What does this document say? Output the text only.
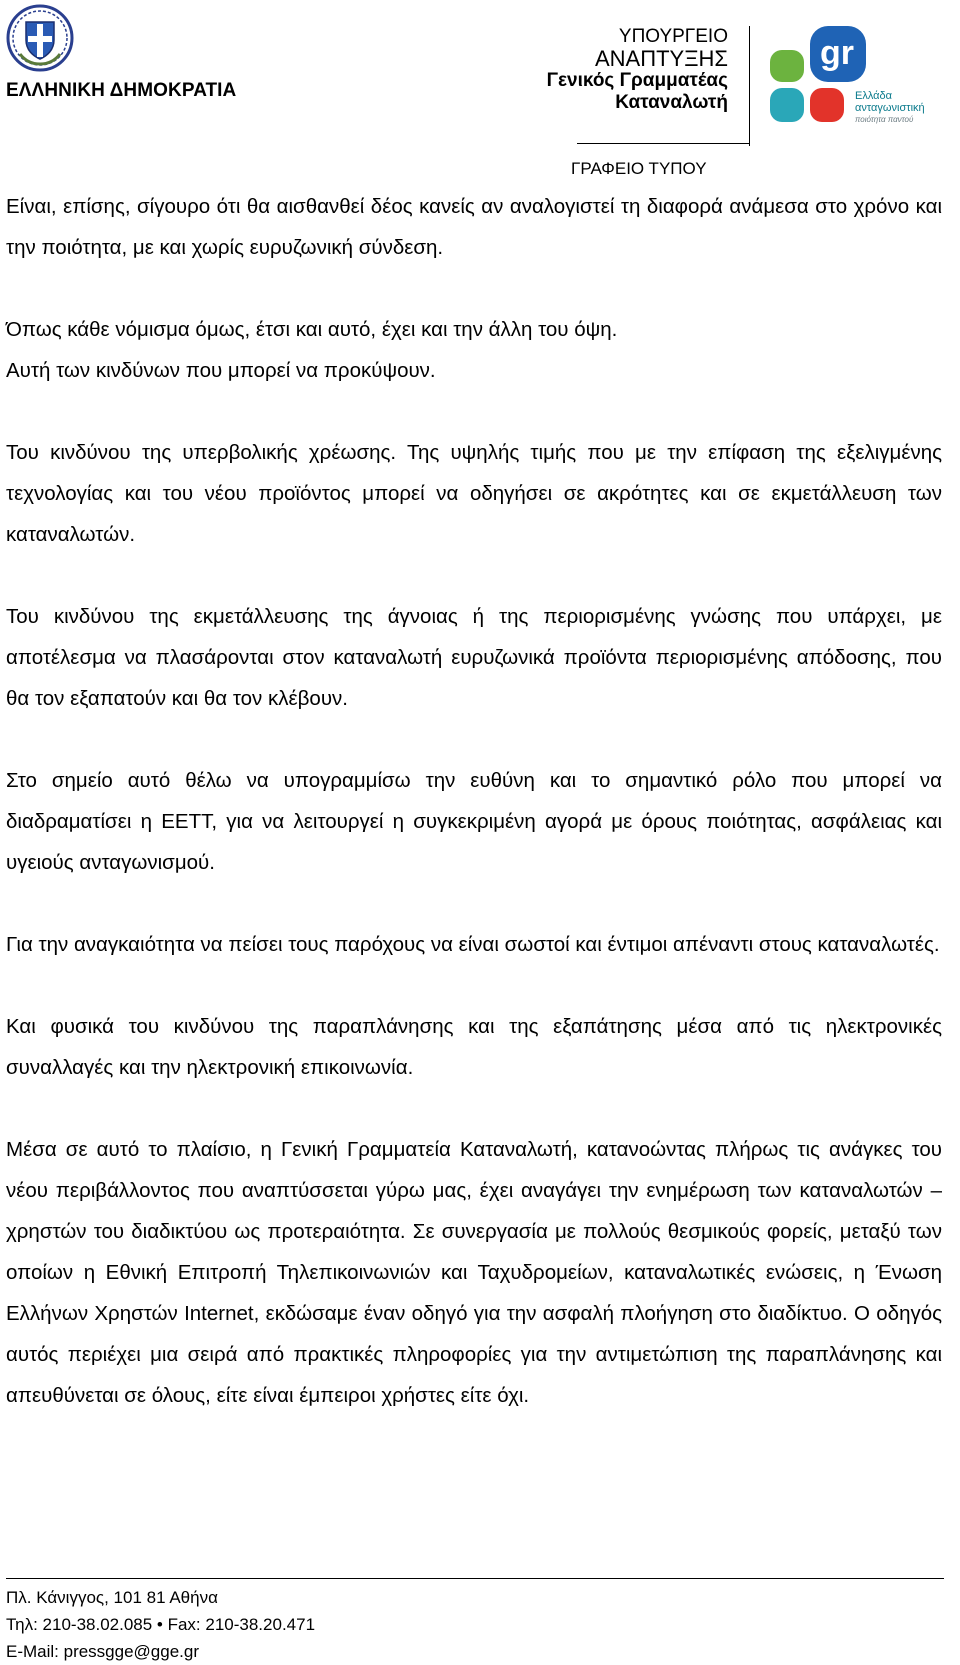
ΕΛΛΗΝΙΚΗ ΔΗΜΟΚΡΑΤΙΑ
ΥΠΟΥΡΓΕΙΟ
ΑΝΑΠΤΥΞΗΣ
Γενικός Γραμματέας
Καταναλωτή
ΓΡΑΦΕΙΟ ΤΥΠΟΥ
gr
Ελλάδα
ανταγωνιστική
ποιότητα παντού

Είναι, επίσης, σίγουρο ότι θα αισθανθεί δέος κανείς αν αναλογιστεί τη διαφορά ανάμεσα στο χρόνο και την ποιότητα, με και χωρίς ευρυζωνική σύνδεση.

Όπως κάθε νόμισμα όμως, έτσι και αυτό, έχει και την άλλη του όψη.

Αυτή των κινδύνων που μπορεί να προκύψουν.

Του κινδύνου της υπερβολικής χρέωσης. Της υψηλής τιμής που με την επίφαση της εξελιγμένης τεχνολογίας και του νέου προϊόντος μπορεί να οδηγήσει σε ακρότητες και σε εκμετάλλευση των καταναλωτών.

Του κινδύνου της εκμετάλλευσης της άγνοιας ή της περιορισμένης γνώσης που υπάρχει, με αποτέλεσμα να πλασάρονται στον καταναλωτή ευρυζωνικά προϊόντα περιορισμένης απόδοσης, που θα τον εξαπατούν και θα τον κλέβουν.

Στο σημείο αυτό θέλω να υπογραμμίσω την ευθύνη και το σημαντικό ρόλο που μπορεί να διαδραματίσει η ΕΕΤΤ, για να λειτουργεί η συγκεκριμένη αγορά με όρους ποιότητας, ασφάλειας και υγειούς ανταγωνισμού.

Για την αναγκαιότητα να πείσει τους παρόχους να είναι σωστοί και έντιμοι απέναντι στους καταναλωτές.

Και φυσικά του κινδύνου της παραπλάνησης και της εξαπάτησης μέσα από τις ηλεκτρονικές συναλλαγές και την ηλεκτρονική επικοινωνία.

Μέσα σε αυτό το πλαίσιο, η Γενική Γραμματεία Καταναλωτή, κατανοώντας πλήρως τις ανάγκες του νέου περιβάλλοντος που αναπτύσσεται γύρω μας, έχει αναγάγει την ενημέρωση των καταναλωτών – χρηστών του διαδικτύου ως προτεραιότητα. Σε συνεργασία με πολλούς θεσμικούς φορείς, μεταξύ των οποίων η Εθνική Επιτροπή Τηλεπικοινωνιών και Ταχυδρομείων, καταναλωτικές ενώσεις, η Ένωση Ελλήνων Χρηστών Internet, εκδώσαμε έναν οδηγό για την ασφαλή πλοήγηση στο διαδίκτυο. Ο οδηγός αυτός περιέχει μια σειρά από πρακτικές πληροφορίες για την αντιμετώπιση της παραπλάνησης και απευθύνεται σε όλους, είτε είναι έμπειροι χρήστες είτε όχι.

Πλ. Κάνιγγος, 101 81 Αθήνα
Τηλ: 210-38.02.085 • Fax: 210-38.20.471
E-Mail: pressgge@gge.gr
